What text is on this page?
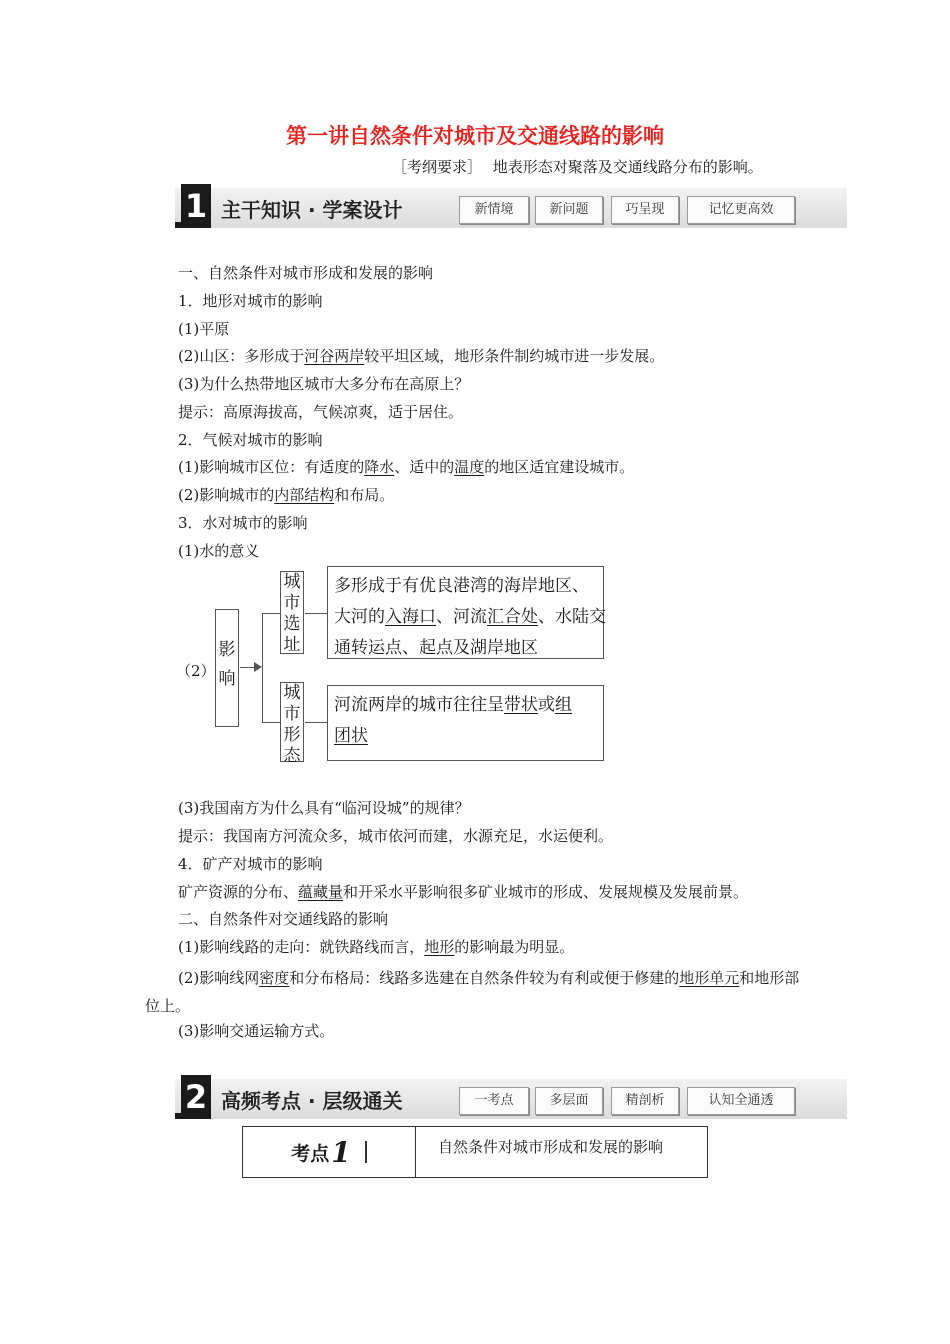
第一讲自然条件对城市及交通线路的影响
［考纲要求］ 地表形态对聚落及交通线路分布的影响。
1 主干知识 · 学案设计	新情境	新问题	巧呈现	记忆更高效
一、自然条件对城市形成和发展的影响
1．地形对城市的影响
(1)平原
(2)山区：多形成于河谷两岸较平坦区域，地形条件制约城市进一步发展。
(3)为什么热带地区城市大多分布在高原上？
提示：高原海拔高，气候凉爽，适于居住。
2．气候对城市的影响
(1)影响城市区位：有适度的降水、适中的温度的地区适宜建设城市。
(2)影响城市的内部结构和布局。
3．水对城市的影响
(1)水的意义
（2）
影
响
城
市
选
址
多形成于有优良港湾的海岸地区、
大河的入海口、河流汇合处、水陆交
通转运点、起点及湖岸地区
城
市
形
态
河流两岸的城市往往呈带状或组
团状
(3)我国南方为什么具有“临河设城”的规律？
提示：我国南方河流众多，城市依河而建，水源充足，水运便利。
4．矿产对城市的影响
矿产资源的分布、蕴藏量和开采水平影响很多矿业城市的形成、发展规模及发展前景。
二、自然条件对交通线路的影响
(1)影响线路的走向：就铁路线而言，地形的影响最为明显。
(2)影响线网密度和分布格局：线路多选建在自然条件较为有利或便于修建的地形单元和地形部位上。
(3)影响交通运输方式。
2 高频考点 · 层级通关	一考点	多层面	精剖析	认知全通透
考点 1	自然条件对城市形成和发展的影响
